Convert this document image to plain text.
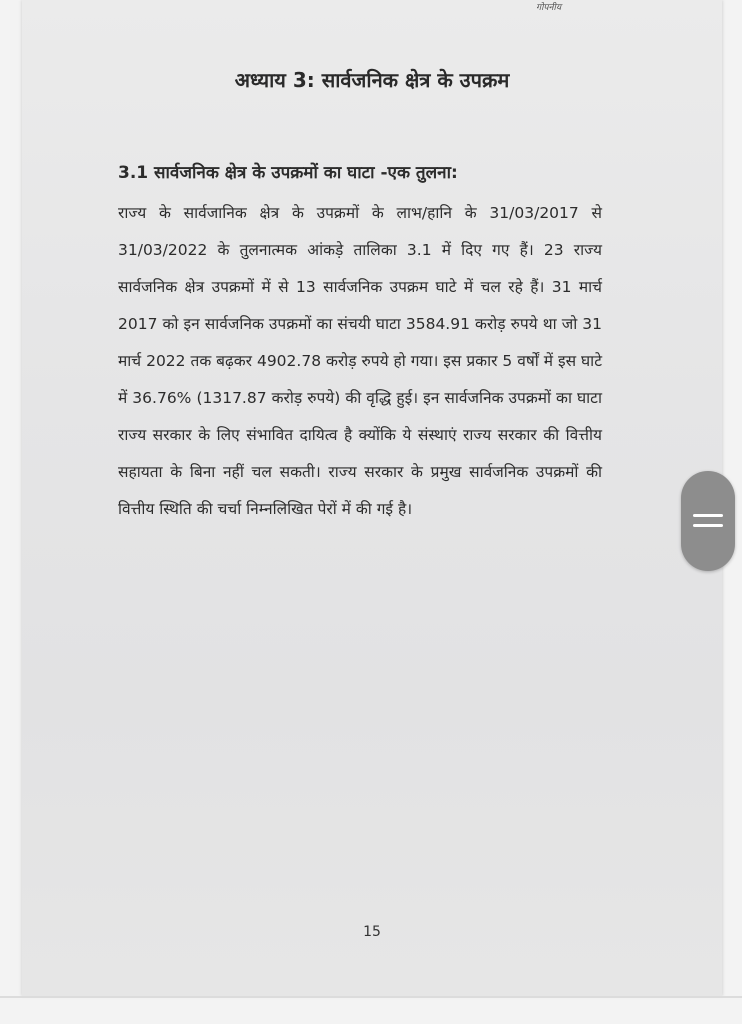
गोपनीय
अध्याय 3: सार्वजनिक क्षेत्र के उपक्रम

3.1 सार्वजनिक क्षेत्र के उपक्रमों का घाटा -एक तुलना:

राज्य के सार्वजानिक क्षेत्र के उपक्रमों के लाभ/हानि के 31/03/2017 से 31/03/2022 के तुलनात्मक आंकड़े तालिका 3.1 में दिए गए हैं। 23 राज्य सार्वजनिक क्षेत्र उपक्रमों में से 13 सार्वजनिक उपक्रम घाटे में चल रहे हैं। 31 मार्च 2017 को इन सार्वजनिक उपक्रमों का संचयी घाटा 3584.91 करोड़ रुपये था जो 31 मार्च 2022 तक बढ़कर 4902.78 करोड़ रुपये हो गया। इस प्रकार 5 वर्षों में इस घाटे में 36.76% (1317.87 करोड़ रुपये) की वृद्धि हुई। इन सार्वजनिक उपक्रमों का घाटा राज्य सरकार के लिए संभावित दायित्व है क्योंकि ये संस्थाएं राज्य सरकार की वित्तीय सहायता के बिना नहीं चल सकती। राज्य सरकार के प्रमुख सार्वजनिक उपक्रमों की वित्तीय स्थिति की चर्चा निम्नलिखित पेरों में की गई है।

15
